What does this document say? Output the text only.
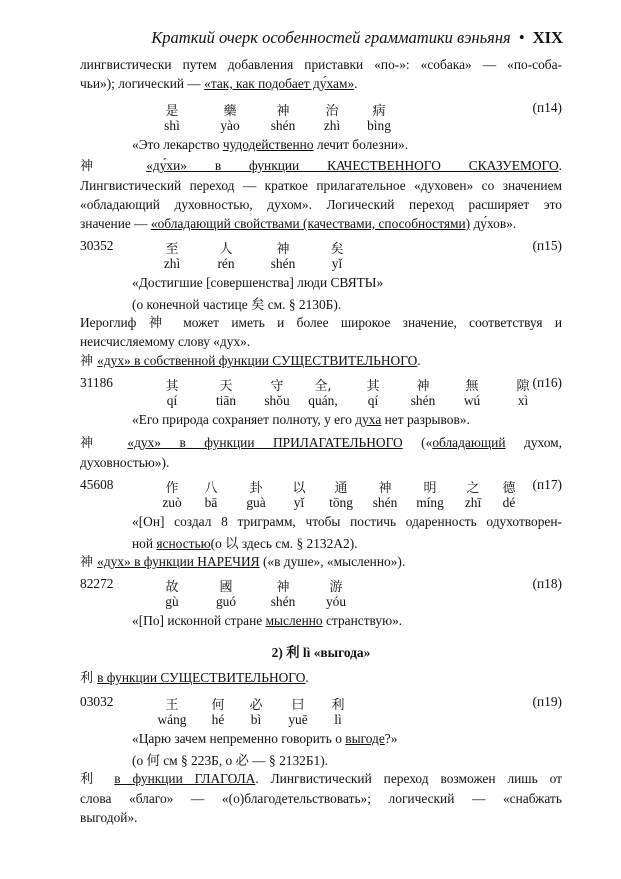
Краткий очерк особенностей грамматики вэньяня • XIX
лингвистически путем добавления приставки «по-»: «собака» — «по-соба-
чьи»); логический — «так, как подобает ду́хам».
(п14)
是	藥	神	治	病
shì	yào	shén	zhì	bìng
«Это лекарство чудодейственно лечит болезни».
神 «ду́хи» в функции КАЧЕСТВЕННОГО СКАЗУЕМОГО.
Лингвистический переход — краткое прилагательное «духовен» со значением
«обладающий духовностью, духом». Логический переход расширяет это
значение — «обладающий свойствами (качествами, способностями) ду́хов».
30352	(п15)
至	人	神	矣
zhì	rén	shén	yǐ
«Достигшие [совершенства] люди СВЯТЫ»
(о конечной частице 矣 см. § 2130Б).
Иероглиф 神 может иметь и более широкое значение, соответствуя и
неисчисляемому слову «дух».
神 «дух» в собственной функции СУЩЕСТВИТЕЛЬНОГО.
31186	(п16)
其	天	守	全,	其	神	無	隙
qí	tiān	shǒu	quán,	qí	shén	wú	xì
«Его природа сохраняет полноту, у его духа нет разрывов».
神 «дух» в функции ПРИЛАГАТЕЛЬНОГО («обладающий духом,
духовностью»).
45608	(п17)
作	八	卦	以	通	神	明	之	德
zuò	bā	guà	yǐ	tōng	shén	míng	zhī	dé
«[Он] создал 8 триграмм, чтобы постичь одаренность одухотворен-
ной ясностью(о 以 здесь см. § 2132А2).
神 «дух» в функции НАРЕЧИЯ («в душе», «мысленно»).
82272	(п18)
故	國	神	游
gù	guó	shén	yóu
«[По] исконной стране мысленно странствую».
2) 利 lì «выгода»
利 в функции СУЩЕСТВИТЕЛЬНОГО.
03032	(п19)
王	何	必	曰	利
wáng	hé	bì	yuē	lì
«Царю зачем непременно говорить о выгоде?»
(о 何 см § 223Б, о 必 — § 2132Б1).
利 в функции ГЛАГОЛА. Лингвистический переход возможен лишь от
слова «благо» — «(о)благодетельствовать»; логический — «снабжать
выгодой».
